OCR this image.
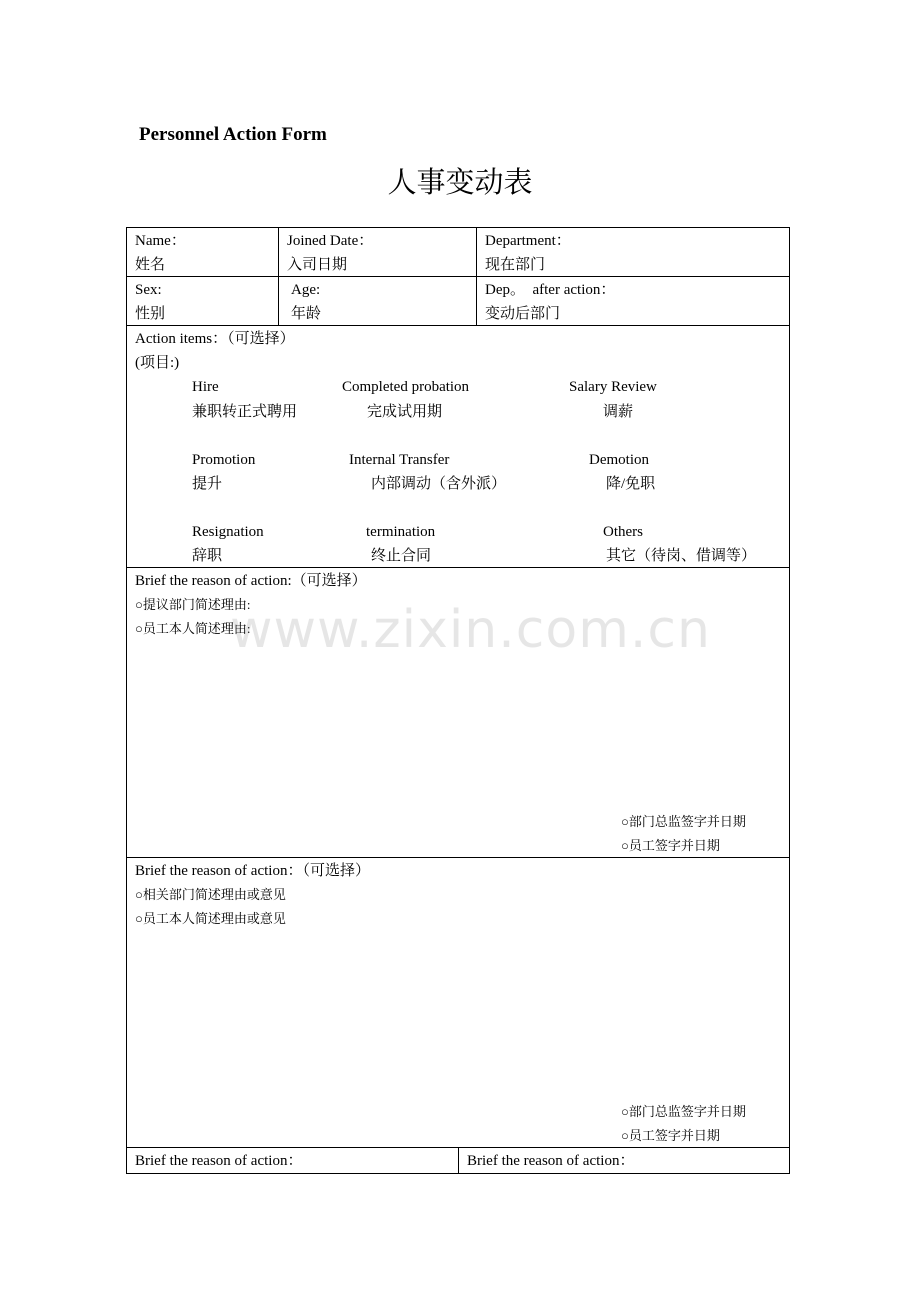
Personnel Action Form
人事变动表
Name：
姓名
Joined Date：
入司日期
Department：
现在部门
Sex:
性别
Age:
年龄
Dep。  after action：
变动后部门
Action items：（可选择）
(项目:)
Hire
兼职转正式聘用
Completed probation
完成试用期
Salary Review
调薪
Promotion
提升
Internal Transfer
内部调动（含外派）
Demotion
降/免职
Resignation
辞职
termination
终止合同
Others
其它（待岗、借调等）
Brief the reason of action:（可选择）
○提议部门简述理由:
○员工本人简述理由:
○部门总监签字并日期
○员工签字并日期
Brief the reason of action：（可选择）
○相关部门简述理由或意见
○员工本人简述理由或意见
○部门总监签字并日期
○员工签字并日期
Brief the reason of action：	Brief the reason of action：
www.zixin.com.cn
